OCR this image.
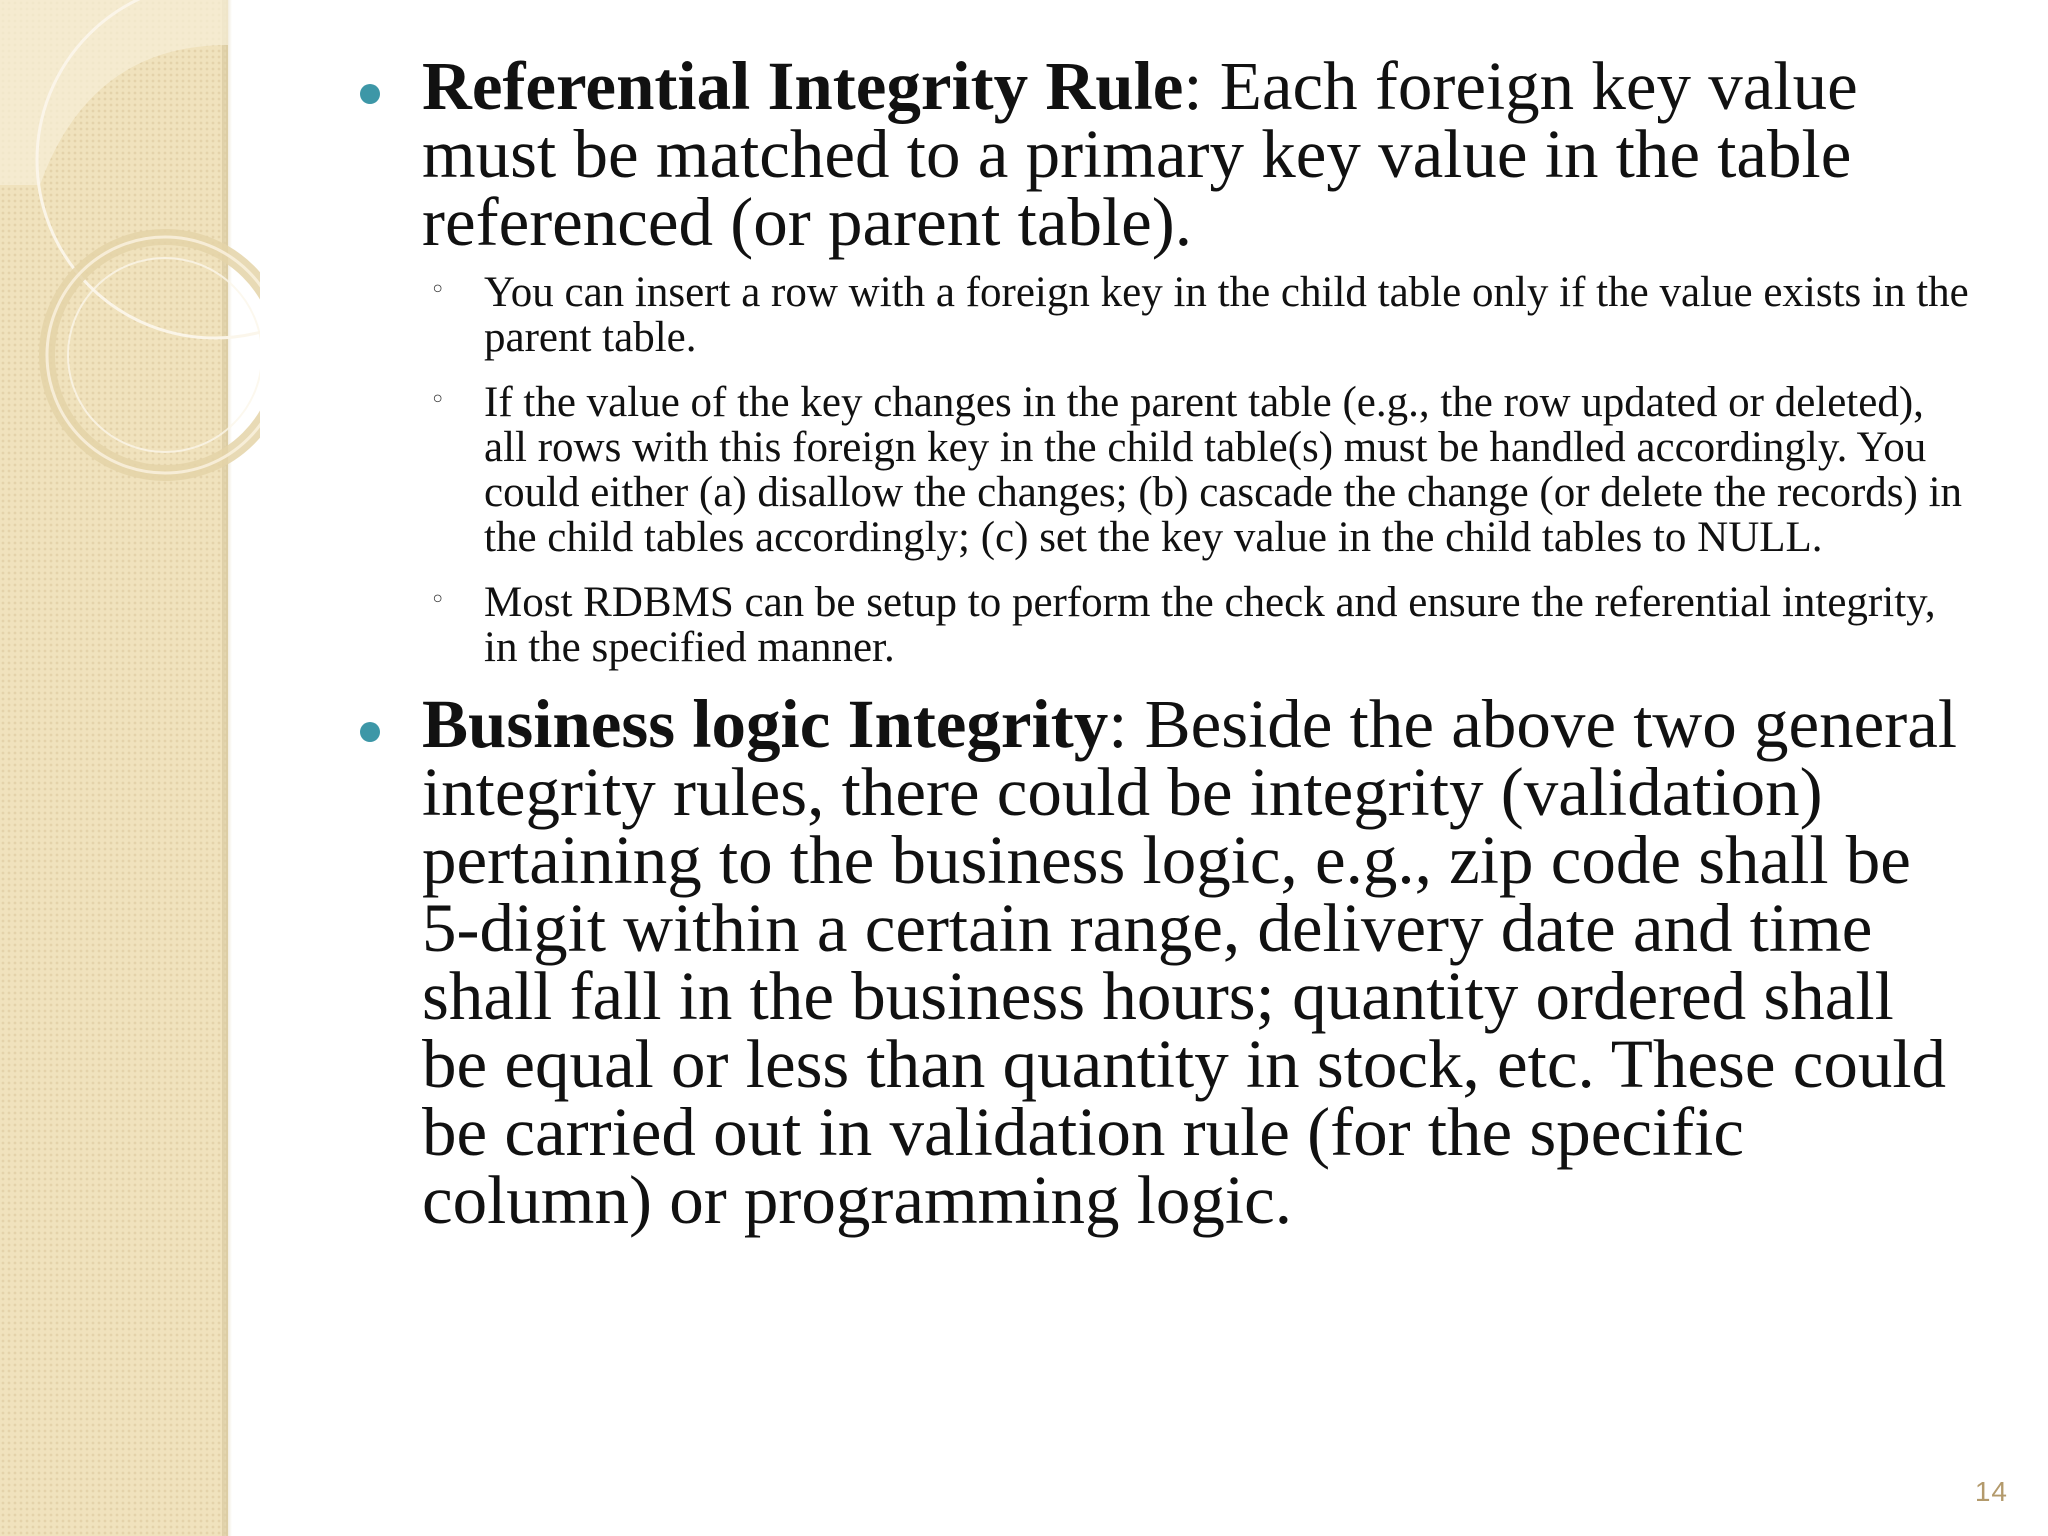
Referential Integrity Rule: Each foreign key value must be matched to a primary key value in the table referenced (or parent table).

◦ You can insert a row with a foreign key in the child table only if the value exists in the parent table.

◦ If the value of the key changes in the parent table (e.g., the row updated or deleted), all rows with this foreign key in the child table(s) must be handled accordingly. You could either (a) disallow the changes; (b) cascade the change (or delete the records) in the child tables accordingly; (c) set the key value in the child tables to NULL.

◦ Most RDBMS can be setup to perform the check and ensure the referential integrity, in the specified manner.

Business logic Integrity: Beside the above two general integrity rules, there could be integrity (validation) pertaining to the business logic, e.g., zip code shall be 5-digit within a certain range, delivery date and time shall fall in the business hours; quantity ordered shall be equal or less than quantity in stock, etc. These could be carried out in validation rule (for the specific column) or programming logic.

14
